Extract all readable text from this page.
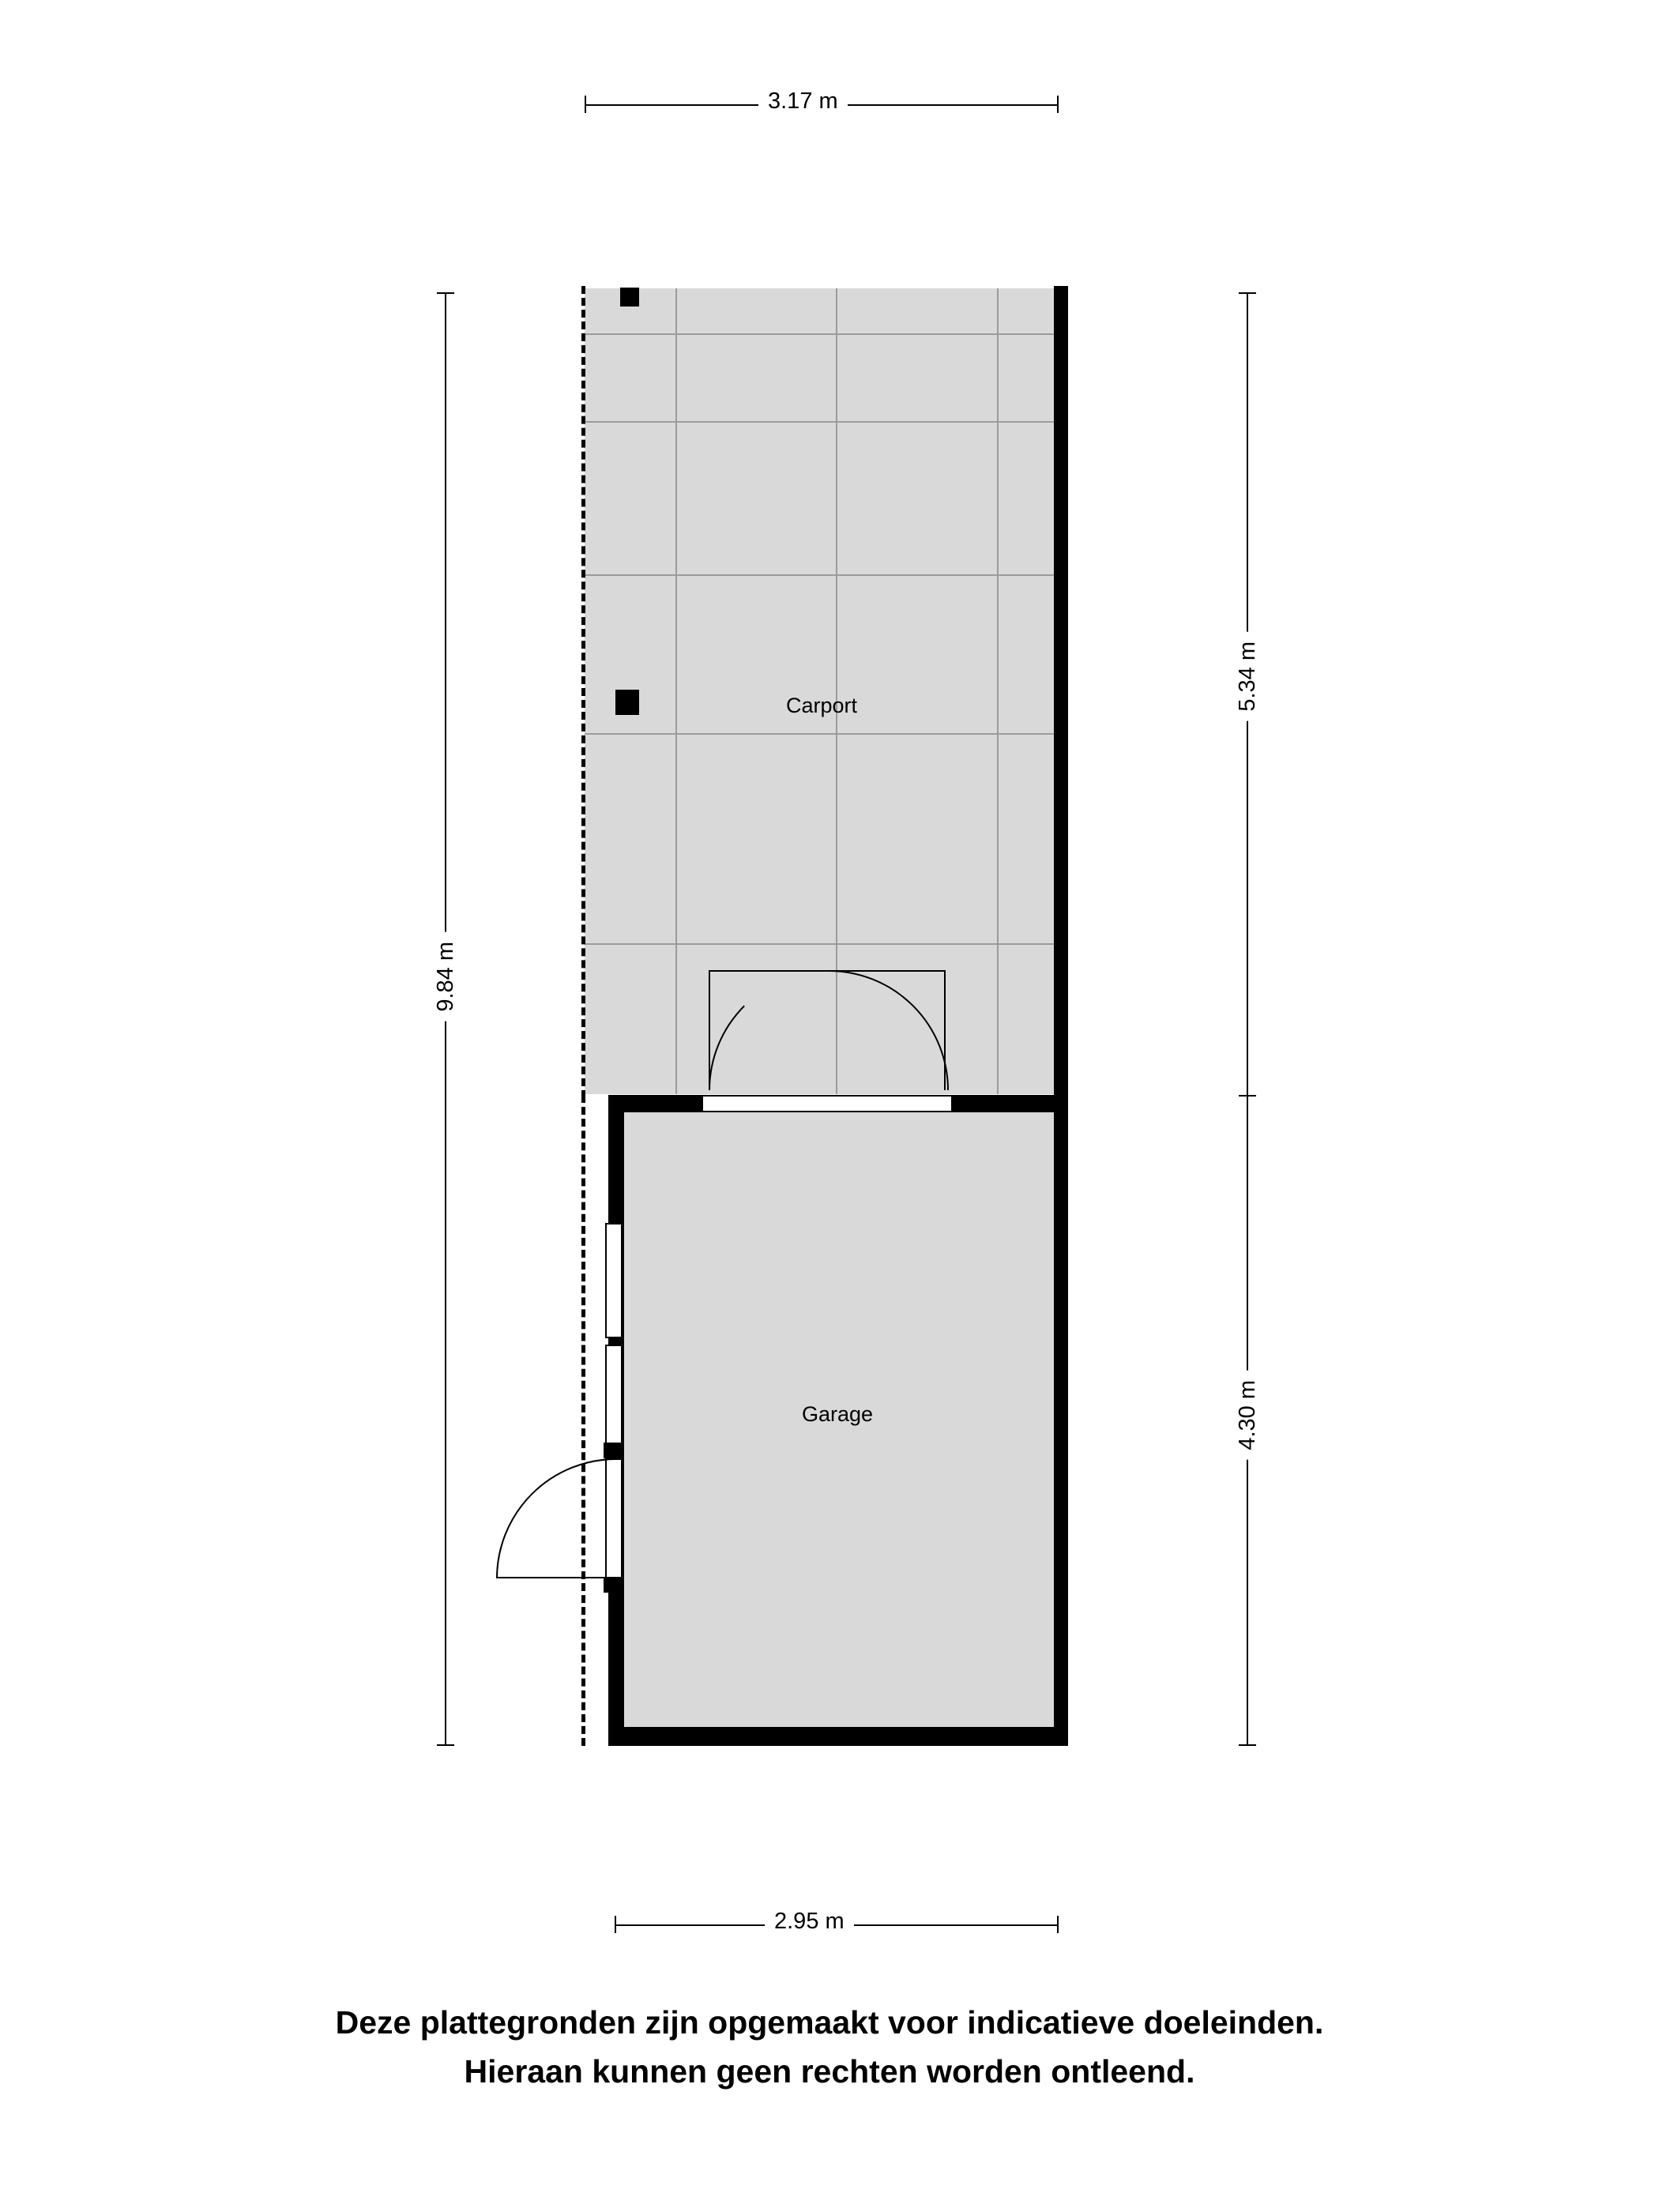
3.17 m
9.84 m
5.34 m
4.30 m
2.95 m
Carport
Garage
Deze plattegronden zijn opgemaakt voor indicatieve doeleinden.
Hieraan kunnen geen rechten worden ontleend.
